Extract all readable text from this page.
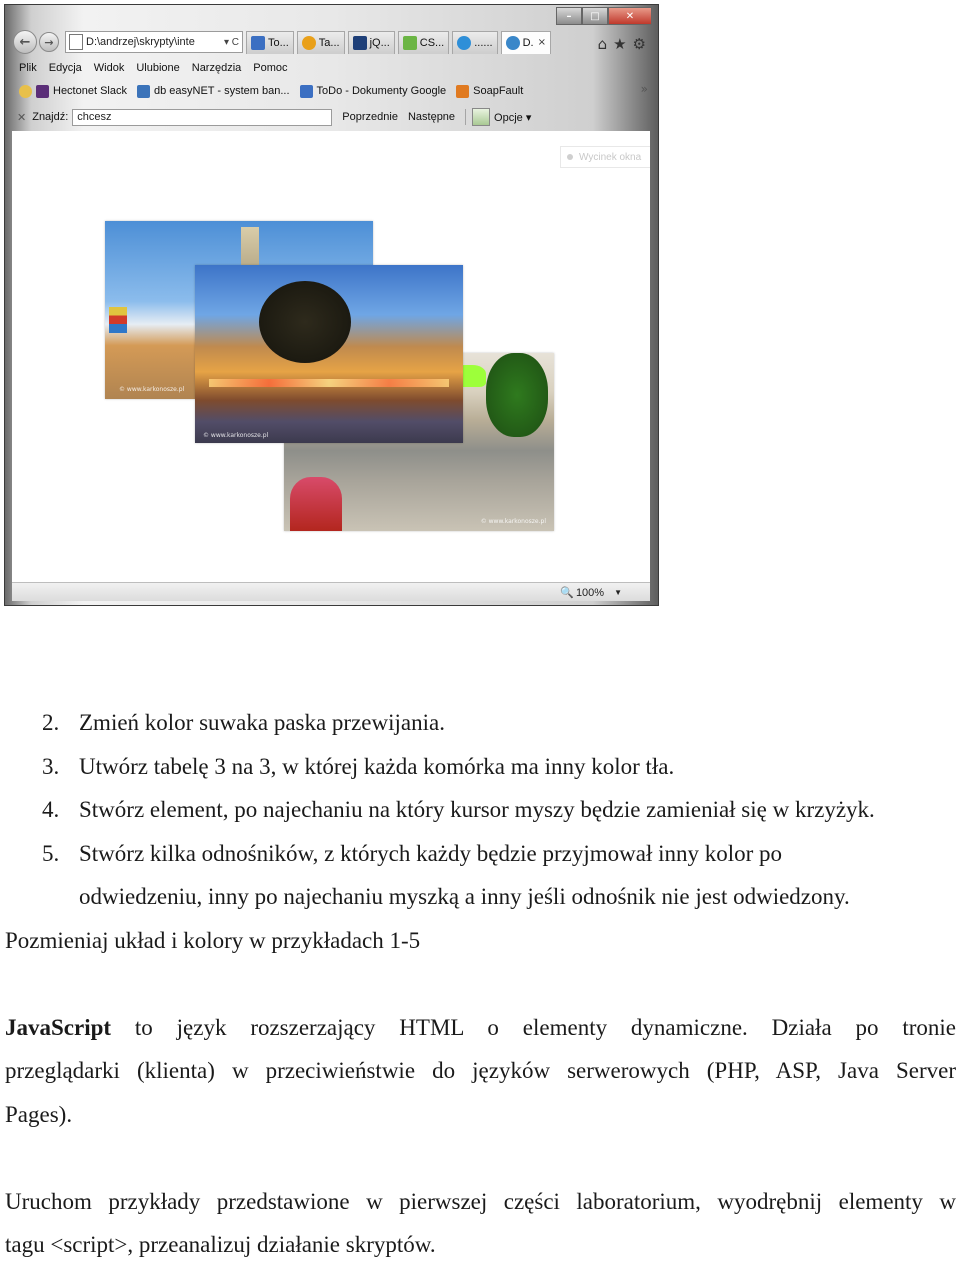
–	□	✕
←	→	D:\andrzej\skrypty\inte	▾ C	To...	Ta...	jQ...	CS...	......	D. ×	⌂ ★ ⚙
Plik Edycja Widok Ulubione Narzędzia Pomoc
Hectonet Slack db easyNET - system ban... ToDo - Dokumenty Google SoapFault	»
✕ Znajdź: chcesz	Poprzednie Następne	Opcje ▾
Wycinek okna
© www.karkonosze.pl
© www.karkonosze.pl
© www.karkonosze.pl
🔍 100% ▼
2. Zmień kolor suwaka paska przewijania.
3. Utwórz tabelę 3 na 3, w której każda komórka ma inny kolor tła.
4. Stwórz element, po najechaniu na który kursor myszy będzie zamieniał się w krzyżyk.
5. Stwórz kilka odnośników, z których każdy będzie przyjmował inny kolor po
odwiedzeniu, inny po najechaniu myszką a inny jeśli odnośnik nie jest odwiedzony.
Pozmieniaj układ i kolory w przykładach 1-5
JavaScript to język rozszerzający HTML o elementy dynamiczne. Działa po tronie
przeglądarki (klienta) w przeciwieństwie do języków serwerowych (PHP, ASP, Java Server
Pages).
Uruchom przykłady przedstawione w pierwszej części laboratorium, wyodrębnij elementy w
tagu <script>, przeanalizuj działanie skryptów.
